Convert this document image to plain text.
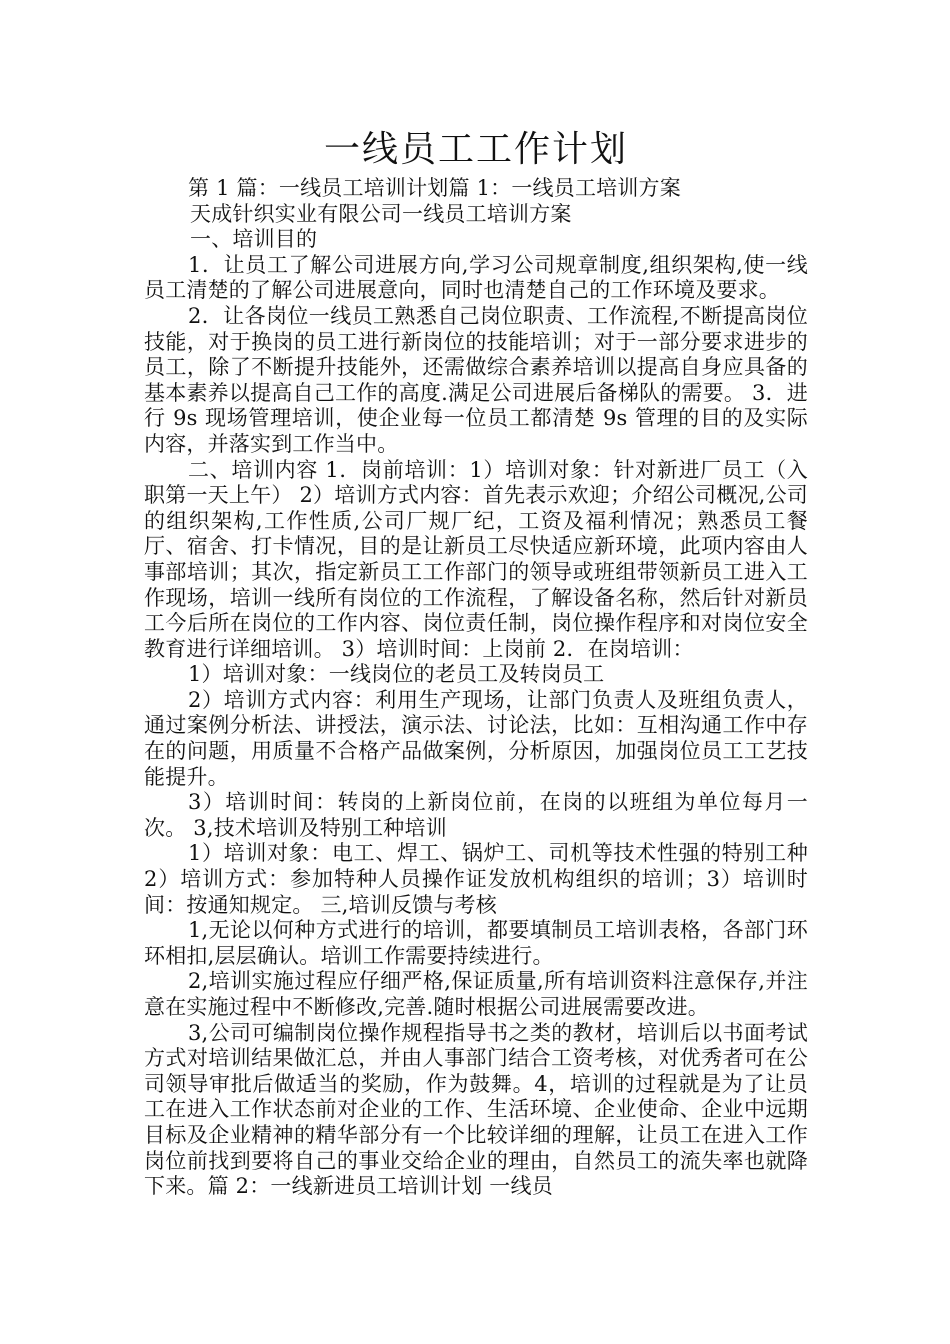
一线员工工作计划

第 1 篇：一线员工培训计划篇 1：一线员工培训方案

天成针织实业有限公司一线员工培训方案

一、培训目的

1．让员工了解公司进展方向,学习公司规章制度,组织架构,使一线员工清楚的了解公司进展意向，同时也清楚自己的工作环境及要求。

2．让各岗位一线员工熟悉自己岗位职责、工作流程,不断提高岗位技能，对于换岗的员工进行新岗位的技能培训；对于一部分要求进步的员工，除了不断提升技能外，还需做综合素养培训以提高自身应具备的基本素养以提高自己工作的高度.满足公司进展后备梯队的需要。 3．进行 9s 现场管理培训，使企业每一位员工都清楚 9s 管理的目的及实际内容，并落实到工作当中。

二、培训内容 1．岗前培训：1）培训对象：针对新进厂员工（入职第一天上午） 2）培训方式内容：首先表示欢迎；介绍公司概况,公司的组织架构,工作性质,公司厂规厂纪，工资及福利情况；熟悉员工餐厅、宿舍、打卡情况，目的是让新员工尽快适应新环境，此项内容由人事部培训；其次，指定新员工工作部门的领导或班组带领新员工进入工作现场，培训一线所有岗位的工作流程，了解设备名称，然后针对新员工今后所在岗位的工作内容、岗位责任制，岗位操作程序和对岗位安全教育进行详细培训。 3）培训时间：上岗前 2．在岗培训：

1）培训对象：一线岗位的老员工及转岗员工

2）培训方式内容：利用生产现场，让部门负责人及班组负责人，通过案例分析法、讲授法，演示法、讨论法，比如：互相沟通工作中存在的问题，用质量不合格产品做案例，分析原因，加强岗位员工工艺技能提升。

3）培训时间：转岗的上新岗位前，在岗的以班组为单位每月一次。 3,技术培训及特别工种培训

1）培训对象：电工、焊工、锅炉工、司机等技术性强的特别工种 2）培训方式：参加特种人员操作证发放机构组织的培训；3）培训时间：按通知规定。 三,培训反馈与考核

1,无论以何种方式进行的培训，都要填制员工培训表格，各部门环环相扣,层层确认。培训工作需要持续进行。

2,培训实施过程应仔细严格,保证质量,所有培训资料注意保存,并注意在实施过程中不断修改,完善.随时根据公司进展需要改进。

3,公司可编制岗位操作规程指导书之类的教材，培训后以书面考试方式对培训结果做汇总，并由人事部门结合工资考核，对优秀者可在公司领导审批后做适当的奖励，作为鼓舞。4，培训的过程就是为了让员工在进入工作状态前对企业的工作、生活环境、企业使命、企业中远期目标及企业精神的精华部分有一个比较详细的理解，让员工在进入工作岗位前找到要将自己的事业交给企业的理由，自然员工的流失率也就降下来。篇 2：一线新进员工培训计划 一线员
